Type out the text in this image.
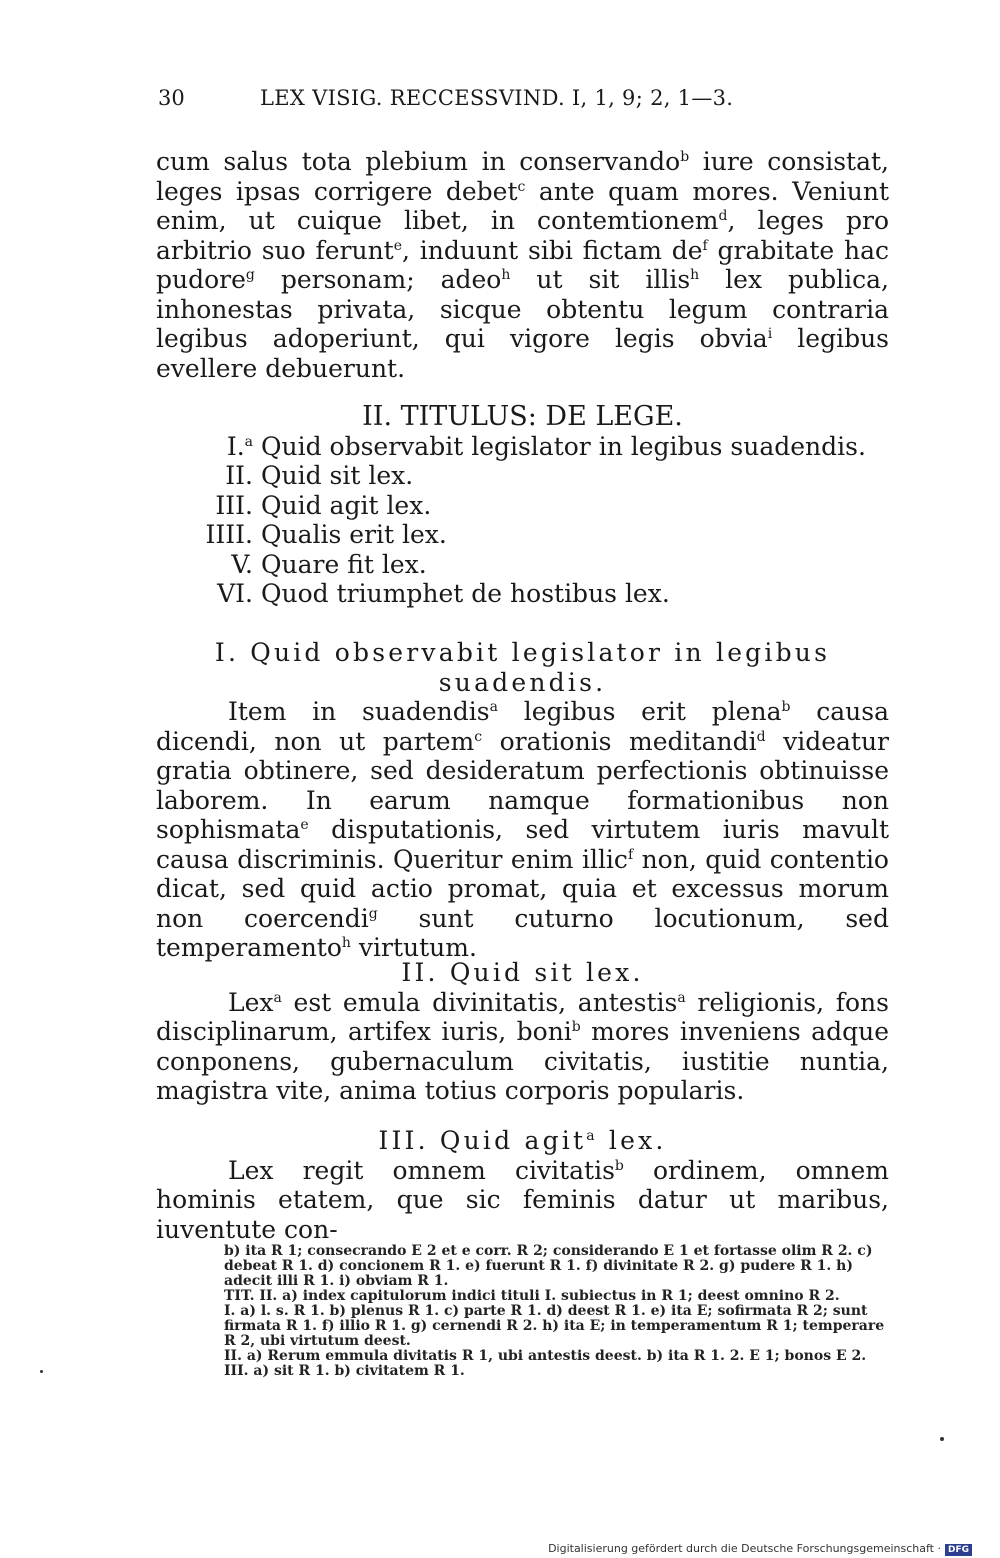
30	LEX VISIG. RECCESSVIND. I, 1, 9; 2, 1—3.

cum salus tota plebium in conservando$^b$ iure consistat, leges ipsas corrigere debet$^c$ ante quam mores. Veniunt enim, ut cuique libet, in contemtionem$^d$, leges pro arbitrio suo ferunt$^e$, induunt sibi fictam $de^f$ grabitate hac pudore$^g$ personam; adeo$^h$ ut sit illis$^h$ lex publica, inhonestas privata, sicque obtentu legum contraria legibus adoperiunt, qui vigore legis obvia$^i$ legibus evellere debuerunt.

II. TITULUS: DE LEGE.

I.$^a$ Quid observabit legislator in legibus suadendis.
II. Quid sit lex.
III. Quid agit lex.
IIII. Qualis erit lex.
V. Quare fit lex.
VI. Quod triumphet de hostibus lex.

I. Quid observabit legislator in legibus

suadendis.

Item in suadendis$^a$ legibus erit plena$^b$ causa dicendi, non ut partem$^c$ orationis meditandi$^d$ videatur gratia obtinere, sed desideratum perfectionis obtinuisse laborem. In earum namque formationibus non sophismata$^e$ disputationis, sed virtutem iuris mavult causa discriminis. Queritur enim illic$^f$ non, quid contentio dicat, sed quid actio promat, quia et excessus morum non coercendi$^g$ sunt cuturno locutionum, sed temperamento$^h$ virtutum.

II. Quid sit lex.

Lex$^a$ est emula divinitatis, antestis$^a$ religionis, fons disciplinarum, artifex iuris, boni$^b$ mores inveniens adque conponens, gubernaculum civitatis, iustitie nuntia, magistra vite, anima totius corporis popularis.

III. Quid agit$^a$ lex.

Lex regit omnem civitatis$^b$ ordinem, omnem hominis etatem, que sic feminis datur ut maribus, iuventute con-

b) ita R 1; consecrando E 2 et e corr. R 2; considerando E 1 et fortasse olim R 2. c) debeat R 1. d) concionem R 1. e) fuerunt R 1. f) divinitate R 2. g) pudere R 1. h) adecit illi R 1. i) obviam R 1.

TIT. II. a) index capitulorum indici tituli I. subiectus in R 1; deest omnino R 2.

I. a) l. s. R 1. b) plenus R 1. c) parte R 1. d) deest R 1. e) ita E; sofirmata R 2; sunt firmata R 1. f) illio R 1. g) cernendi R 2. h) ita E; in temperamentum R 1; temperare R 2, ubi virtutum deest.

II. a) Rerum emmula divitatis R 1, ubi antestis deest. b) ita R 1. 2. E 1; bonos E 2.

III. a) sit R 1. b) civitatem R 1.

Digitalisierung gefördert durch die Deutsche Forschungsgemeinschaft · DFG
